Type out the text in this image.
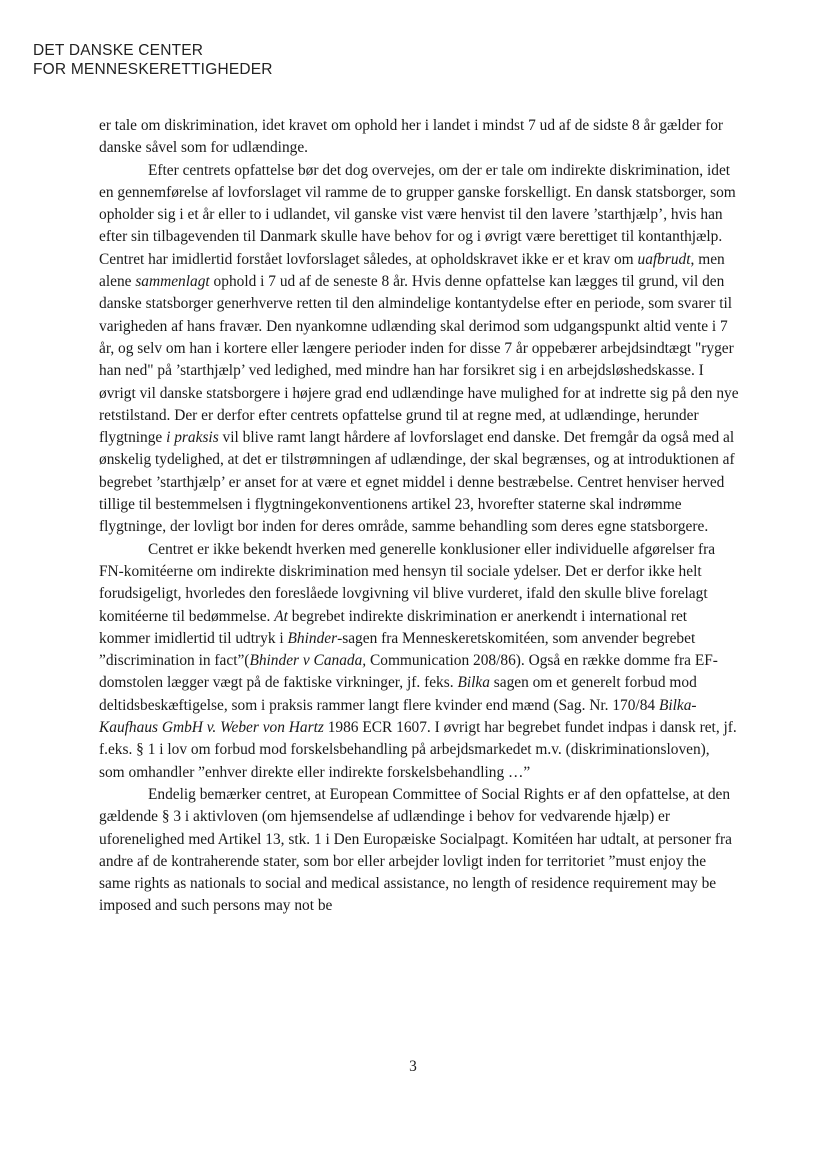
DET DANSKE CENTER
FOR MENNESKERETTIGHEDER

er tale om diskrimination, idet kravet om ophold her i landet i mindst 7 ud af de sidste 8 år gælder for danske såvel som for udlændinge.

Efter centrets opfattelse bør det dog overvejes, om der er tale om indirekte diskrimination, idet en gennemførelse af lovforslaget vil ramme de to grupper ganske forskelligt. En dansk statsborger, som opholder sig i et år eller to i udlandet, vil ganske vist være henvist til den lavere ’starthjælp’, hvis han efter sin tilbagevenden til Danmark skulle have behov for og i øvrigt være berettiget til kontanthjælp. Centret har imidlertid forstået lovforslaget således, at opholdskravet ikke er et krav om uafbrudt, men alene sammenlagt ophold i 7 ud af de seneste 8 år. Hvis denne opfattelse kan lægges til grund, vil den danske statsborger generhverve retten til den almindelige kontantydelse efter en periode, som svarer til varigheden af hans fravær. Den nyankomne udlænding skal derimod som udgangspunkt altid vente i 7 år, og selv om han i kortere eller længere perioder inden for disse 7 år oppebærer arbejdsindtægt "ryger han ned" på ’starthjælp’ ved ledighed, med mindre han har forsikret sig i en arbejdsløshedskasse. I øvrigt vil danske statsborgere i højere grad end udlændinge have mulighed for at indrette sig på den nye retstilstand. Der er derfor efter centrets opfattelse grund til at regne med, at udlændinge, herunder flygtninge i praksis vil blive ramt langt hårdere af lovforslaget end danske. Det fremgår da også med al ønskelig tydelighed, at det er tilstrømningen af udlændinge, der skal begrænses, og at introduktionen af begrebet ’starthjælp’ er anset for at være et egnet middel i denne bestræbelse. Centret henviser herved tillige til bestemmelsen i flygtningekonventionens artikel 23, hvorefter staterne skal indrømme flygtninge, der lovligt bor inden for deres område, samme behandling som deres egne statsborgere.

Centret er ikke bekendt hverken med generelle konklusioner eller individuelle afgørelser fra FN-komitéerne om indirekte diskrimination med hensyn til sociale ydelser. Det er derfor ikke helt forudsigeligt, hvorledes den foreslåede lovgivning vil blive vurderet, ifald den skulle blive forelagt komitéerne til bedømmelse. At begrebet indirekte diskrimination er anerkendt i international ret kommer imidlertid til udtryk i Bhinder-sagen fra Menneskeretskomitéen, som anvender begrebet ”discrimination in fact”(Bhinder v Canada, Communication 208/86). Også en række domme fra EF-domstolen lægger vægt på de faktiske virkninger, jf. feks. Bilka sagen om et generelt forbud mod deltidsbeskæftigelse, som i praksis rammer langt flere kvinder end mænd (Sag. Nr. 170/84 Bilka-Kaufhaus GmbH v. Weber von Hartz 1986 ECR 1607. I øvrigt har begrebet fundet indpas i dansk ret, jf. f.eks. § 1 i lov om forbud mod forskelsbehandling på arbejdsmarkedet m.v. (diskriminationsloven), som omhandler ”enhver direkte eller indirekte forskelsbehandling …”

Endelig bemærker centret, at European Committee of Social Rights er af den opfattelse, at den gældende § 3 i aktivloven (om hjemsendelse af udlændinge i behov for vedvarende hjælp) er uforenelighed med Artikel 13, stk. 1 i Den Europæiske Socialpagt. Komitéen har udtalt, at personer fra andre af de kontraherende stater, som bor eller arbejder lovligt inden for territoriet ”must enjoy the same rights as nationals to social and medical assistance, no length of residence requirement may be imposed and such persons may not be

3
